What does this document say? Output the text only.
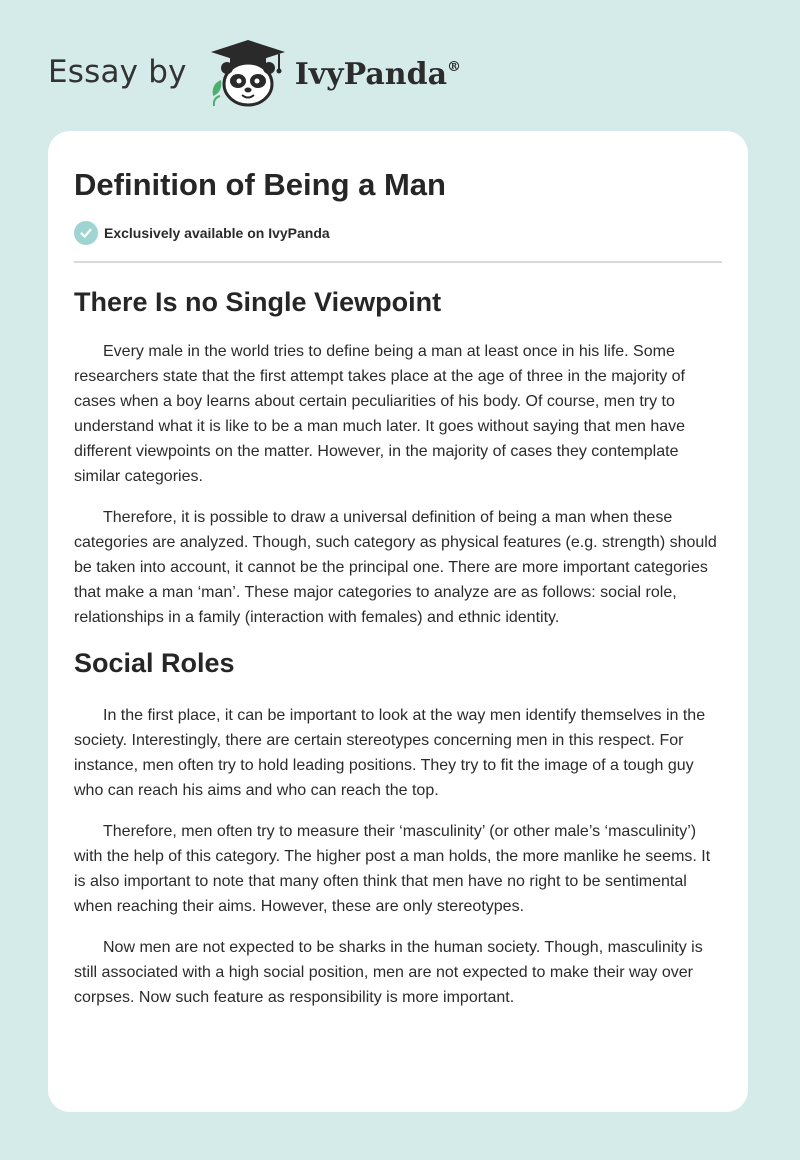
Essay by	IvyPanda®
Definition of Being a Man
Exclusively available on IvyPanda
There Is no Single Viewpoint

Every male in the world tries to define being a man at least once in his life. Some researchers state that the first attempt takes place at the age of three in the majority of cases when a boy learns about certain peculiarities of his body. Of course, men try to understand what it is like to be a man much later. It goes without saying that men have different viewpoints on the matter. However, in the majority of cases they contemplate similar categories.

Therefore, it is possible to draw a universal definition of being a man when these categories are analyzed. Though, such category as physical features (e.g. strength) should be taken into account, it cannot be the principal one. There are more important categories that make a man ‘man’. These major categories to analyze are as follows: social role, relationships in a family (interaction with females) and ethnic identity.

Social Roles

In the first place, it can be important to look at the way men identify themselves in the society. Interestingly, there are certain stereotypes concerning men in this respect. For instance, men often try to hold leading positions. They try to fit the image of a tough guy who can reach his aims and who can reach the top.

Therefore, men often try to measure their ‘masculinity’ (or other male’s ‘masculinity’) with the help of this category. The higher post a man holds, the more manlike he seems. It is also important to note that many often think that men have no right to be sentimental when reaching their aims. However, these are only stereotypes.

Now men are not expected to be sharks in the human society. Though, masculinity is still associated with a high social position, men are not expected to make their way over corpses. Now such feature as responsibility is more important.
